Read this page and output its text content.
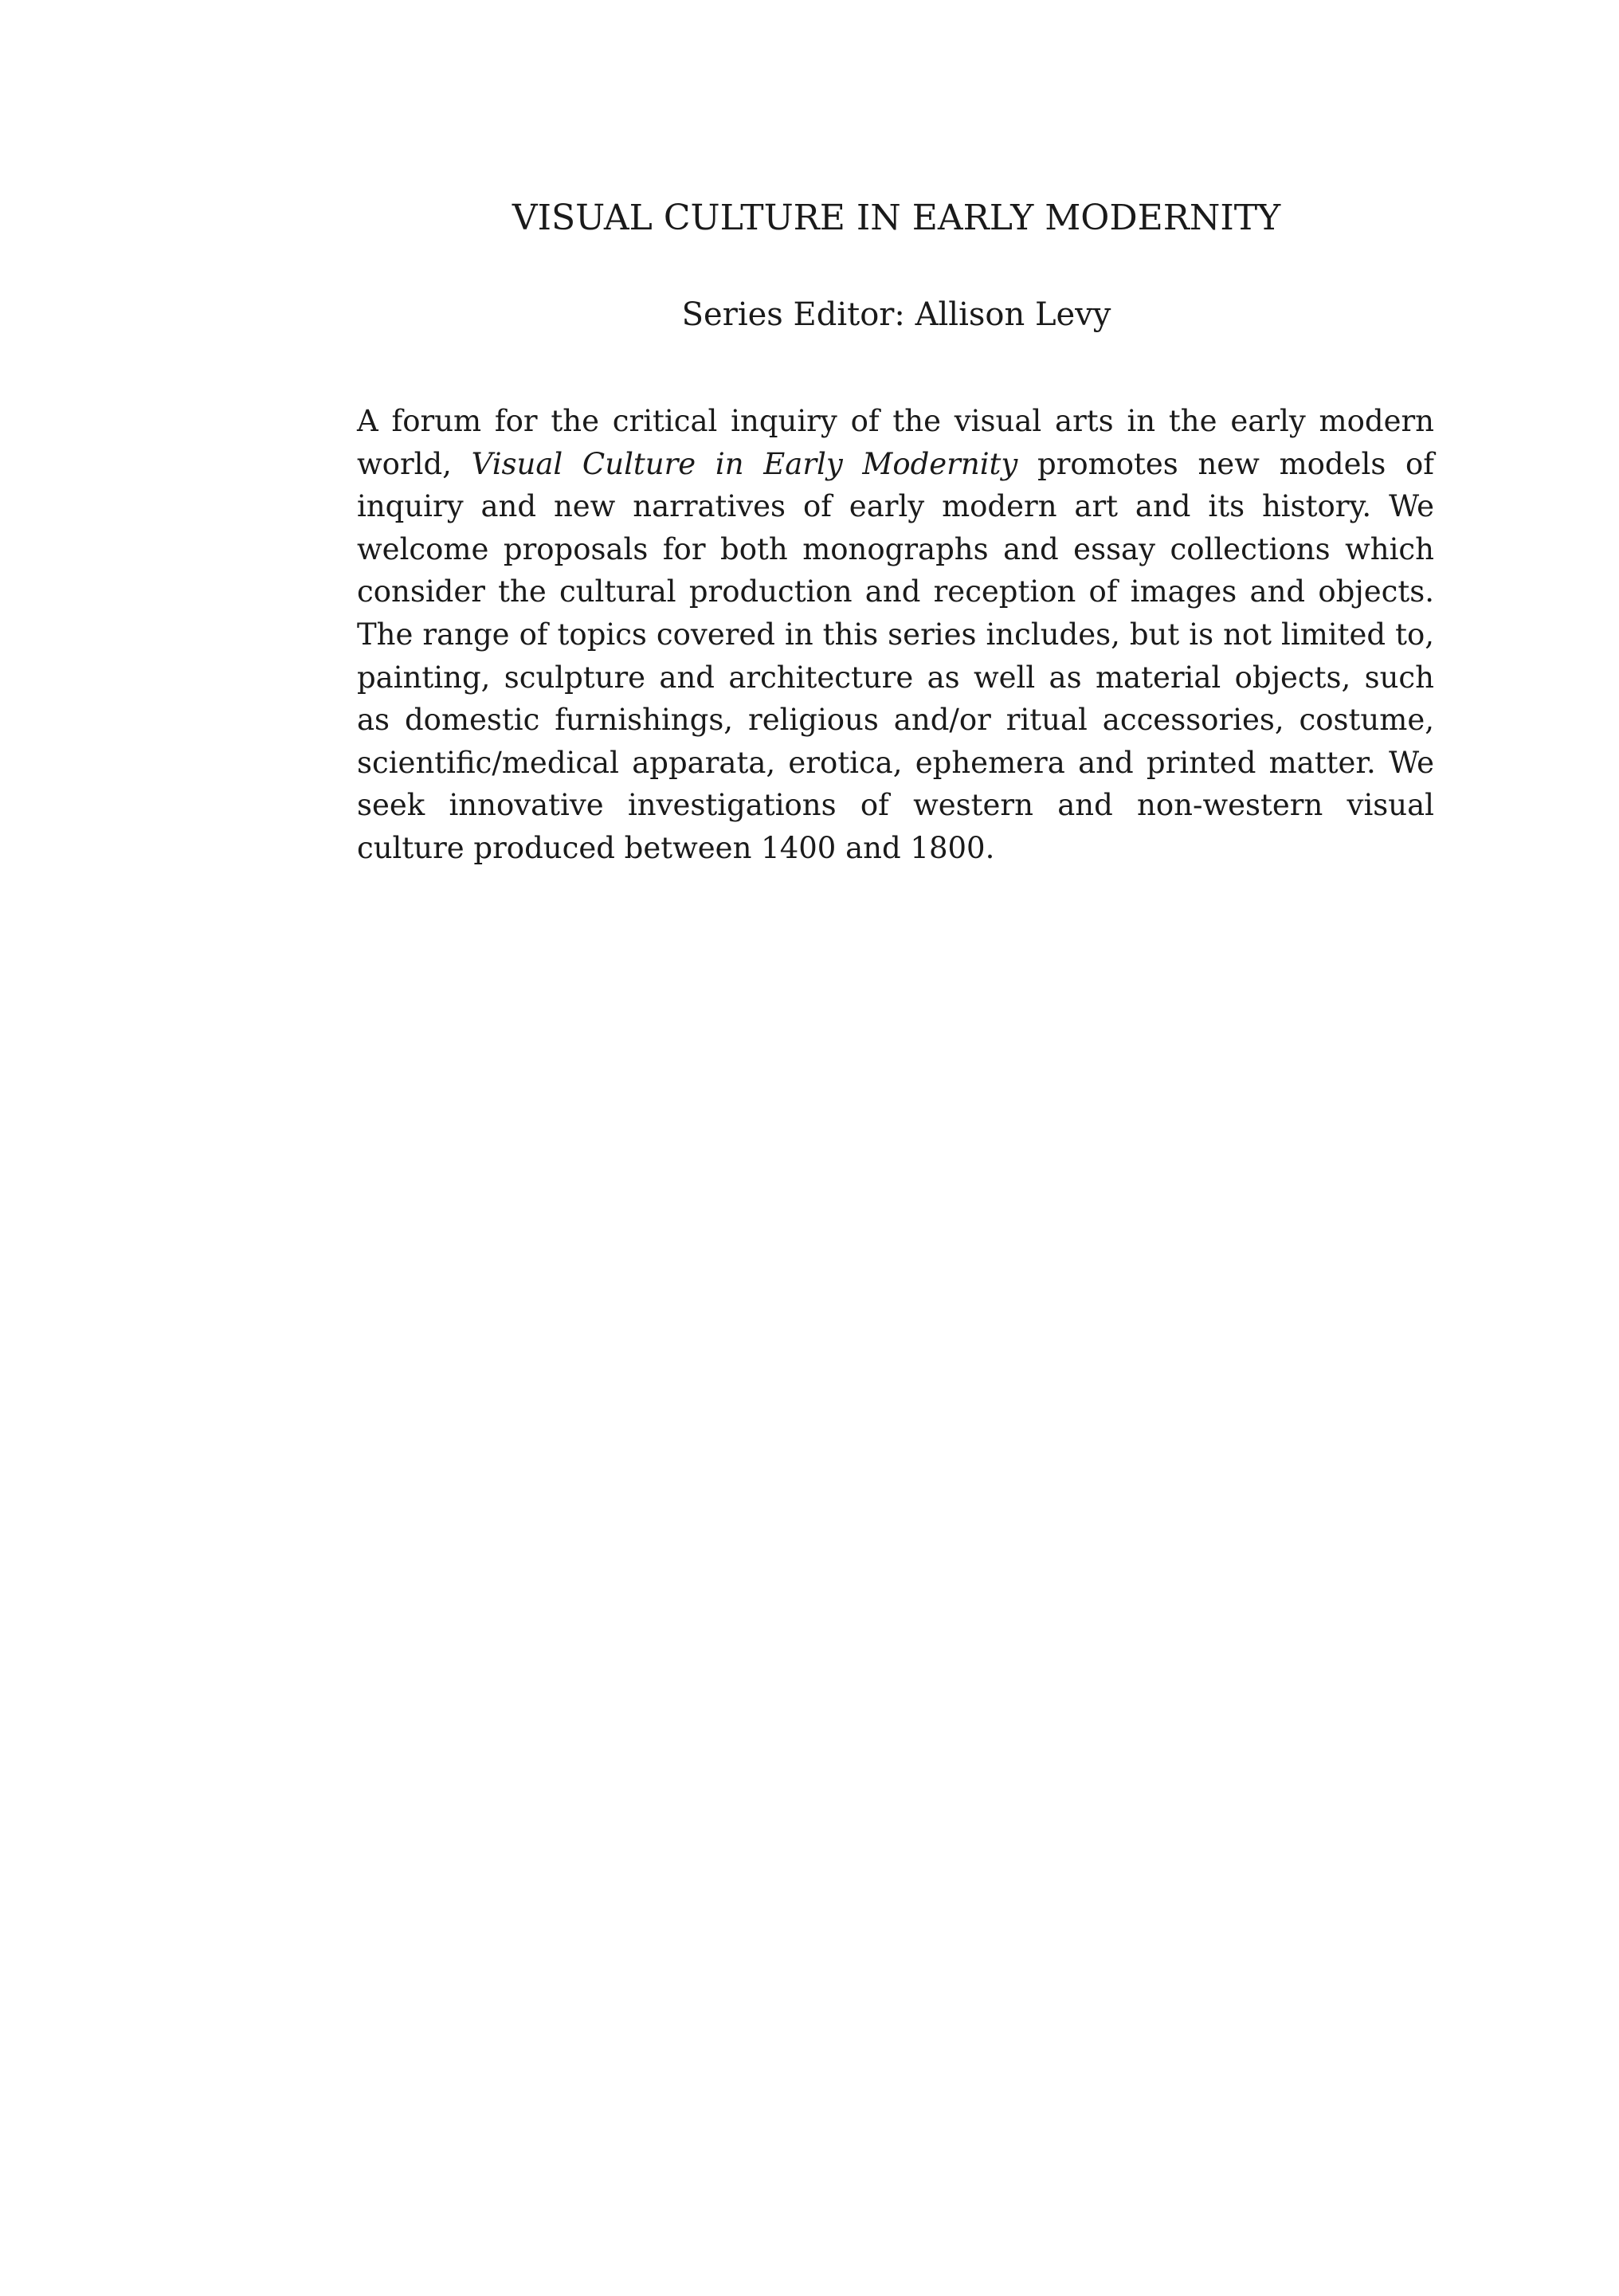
VISUAL CULTURE IN EARLY MODERNITY

Series Editor: Allison Levy

A forum for the critical inquiry of the visual arts in the early modern world, Visual Culture in Early Modernity promotes new models of inquiry and new narratives of early modern art and its history. We welcome proposals for both monographs and essay collections which consider the cultural production and reception of images and objects. The range of topics covered in this series includes, but is not limited to, painting, sculpture and architecture as well as material objects, such as domestic furnishings, religious and/or ritual accessories, costume, scientific/medical apparata, erotica, ephemera and printed matter. We seek innovative investigations of western and non-western visual culture produced between 1400 and 1800.
